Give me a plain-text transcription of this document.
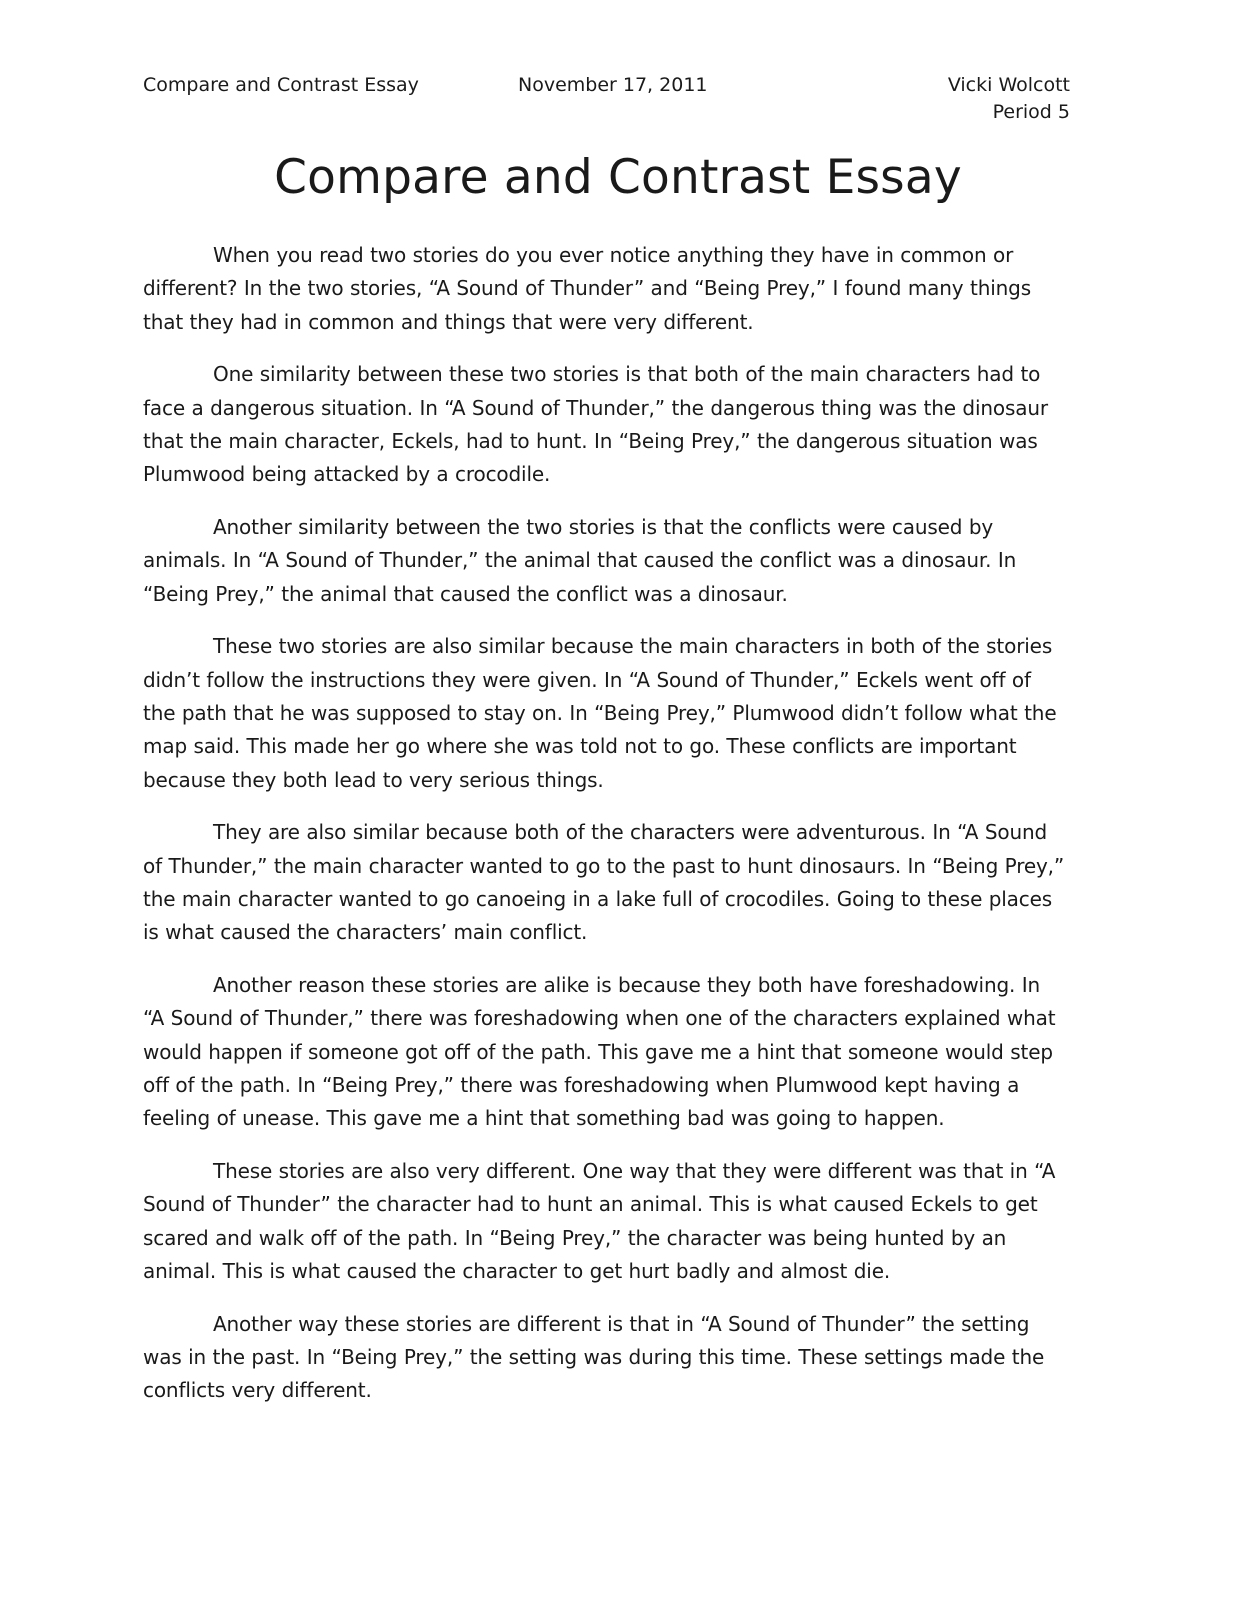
Compare and Contrast Essay	November 17, 2011	Vicki Wolcott
Period 5
Compare and Contrast Essay

When you read two stories do you ever notice anything they have in common or different? In the two stories, “A Sound of Thunder” and “Being Prey,” I found many things that they had in common and things that were very different.

One similarity between these two stories is that both of the main characters had to face a dangerous situation. In “A Sound of Thunder,” the dangerous thing was the dinosaur that the main character, Eckels, had to hunt. In “Being Prey,” the dangerous situation was Plumwood being attacked by a crocodile.

Another similarity between the two stories is that the conflicts were caused by animals. In “A Sound of Thunder,” the animal that caused the conflict was a dinosaur. In “Being Prey,” the animal that caused the conflict was a dinosaur.

These two stories are also similar because the main characters in both of the stories didn’t follow the instructions they were given. In “A Sound of Thunder,” Eckels went off of the path that he was supposed to stay on. In “Being Prey,” Plumwood didn’t follow what the map said. This made her go where she was told not to go. These conflicts are important because they both lead to very serious things.

They are also similar because both of the characters were adventurous. In “A Sound of Thunder,” the main character wanted to go to the past to hunt dinosaurs. In “Being Prey,” the main character wanted to go canoeing in a lake full of crocodiles. Going to these places is what caused the characters’ main conflict.

Another reason these stories are alike is because they both have foreshadowing. In “A Sound of Thunder,” there was foreshadowing when one of the characters explained what would happen if someone got off of the path. This gave me a hint that someone would step off of the path. In “Being Prey,” there was foreshadowing when Plumwood kept having a feeling of unease. This gave me a hint that something bad was going to happen.

These stories are also very different. One way that they were different was that in “A Sound of Thunder” the character had to hunt an animal. This is what caused Eckels to get scared and walk off of the path. In “Being Prey,” the character was being hunted by an animal. This is what caused the character to get hurt badly and almost die.

Another way these stories are different is that in “A Sound of Thunder” the setting was in the past. In “Being Prey,” the setting was during this time. These settings made the conflicts very different.
